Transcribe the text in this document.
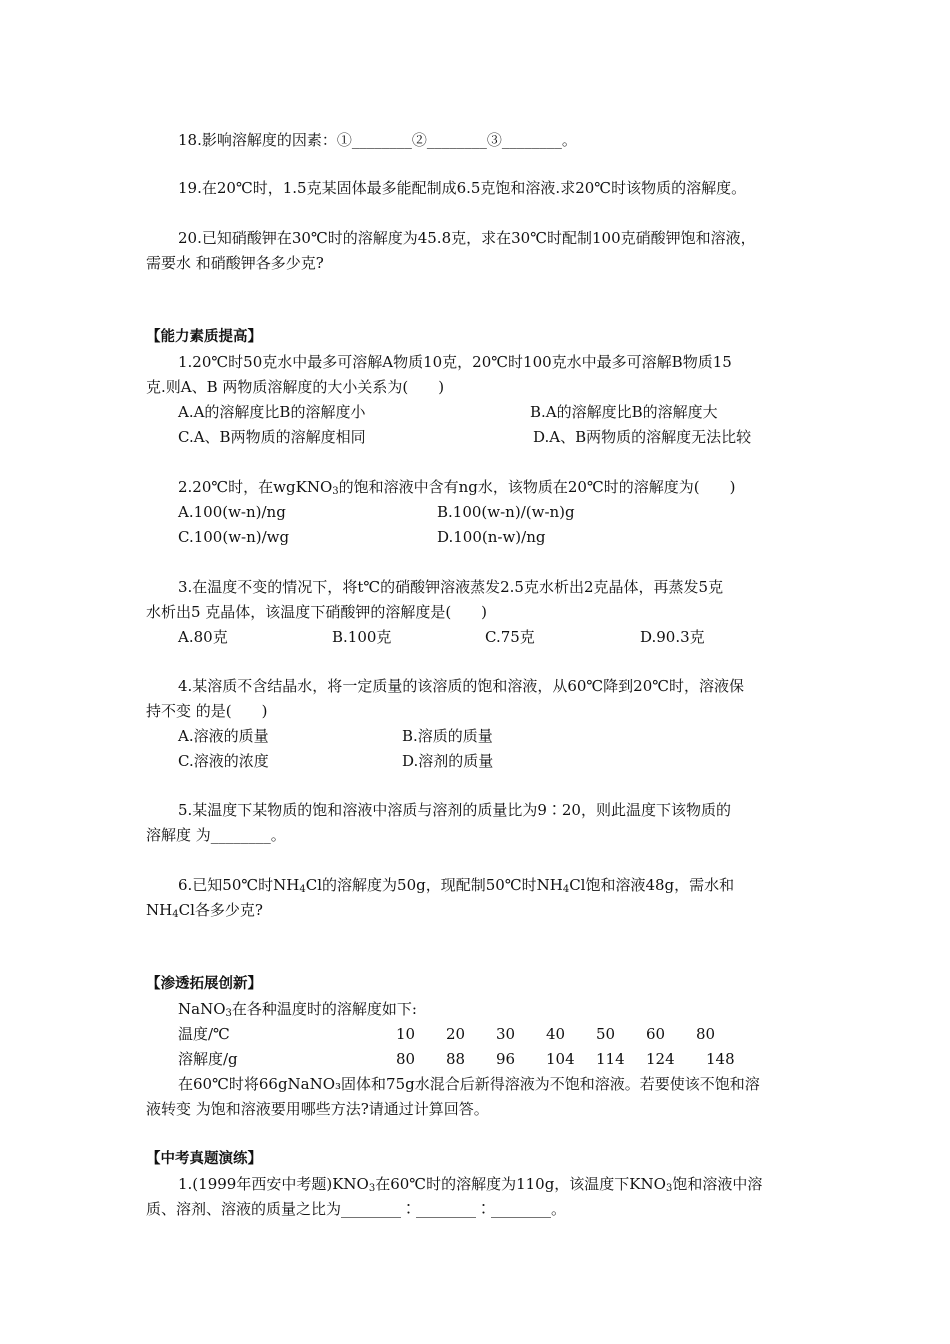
18.影响溶解度的因素：①________②________③________。
19.在20℃时，1.5克某固体最多能配制成6.5克饱和溶液.求20℃时该物质的溶解度。
20.已知硝酸钾在30℃时的溶解度为45.8克，求在30℃时配制100克硝酸钾饱和溶液，
需要水 和硝酸钾各多少克?
【能力素质提高】
1.20℃时50克水中最多可溶解A物质10克，20℃时100克水中最多可溶解B物质15
克.则A、B 两物质溶解度的大小关系为(　　)
A.A的溶解度比B的溶解度小	B.A的溶解度比B的溶解度大
C.A、B两物质的溶解度相同	D.A、B两物质的溶解度无法比较
2.20℃时，在wgKNO$_3$的饱和溶液中含有ng水，该物质在20℃时的溶解度为(　　)
A.100(w-n)/ng	B.100(w-n)/(w-n)g
C.100(w-n)/wg	D.100(n-w)/ng
3.在温度不变的情况下，将t℃的硝酸钾溶液蒸发2.5克水析出2克晶体，再蒸发5克
水析出5 克晶体，该温度下硝酸钾的溶解度是(　　)
A.80克	B.100克	C.75克	D.90.3克
4.某溶质不含结晶水，将一定质量的该溶质的饱和溶液，从60℃降到20℃时，溶液保
持不变 的是(　　)
A.溶液的质量	B.溶质的质量
C.溶液的浓度	D.溶剂的质量
5.某温度下某物质的饱和溶液中溶质与溶剂的质量比为9∶20，则此温度下该物质的
溶解度 为________。
6.已知50℃时$NH_4Cl$的溶解度为50g，现配制50℃时$NH_4Cl$饱和溶液48g，需水和
$NH_4Cl$各多少克?
【渗透拓展创新】
NaNO$_3$在各种温度时的溶解度如下:
温度/℃	10 20 30 40 50 60 80
溶解度/g	80 88 96 104 114 124 148
在60℃时将66gNaNO₃固体和75g水混合后新得溶液为不饱和溶液。若要使该不饱和溶
液转变 为饱和溶液要用哪些方法?请通过计算回答。
【中考真题演练】
1.(1999年西安中考题)$KNO_3$在60℃时的溶解度为110g，该温度下$KNO_3$饱和溶液中溶
质、溶剂、溶液的质量之比为________∶________∶________。
